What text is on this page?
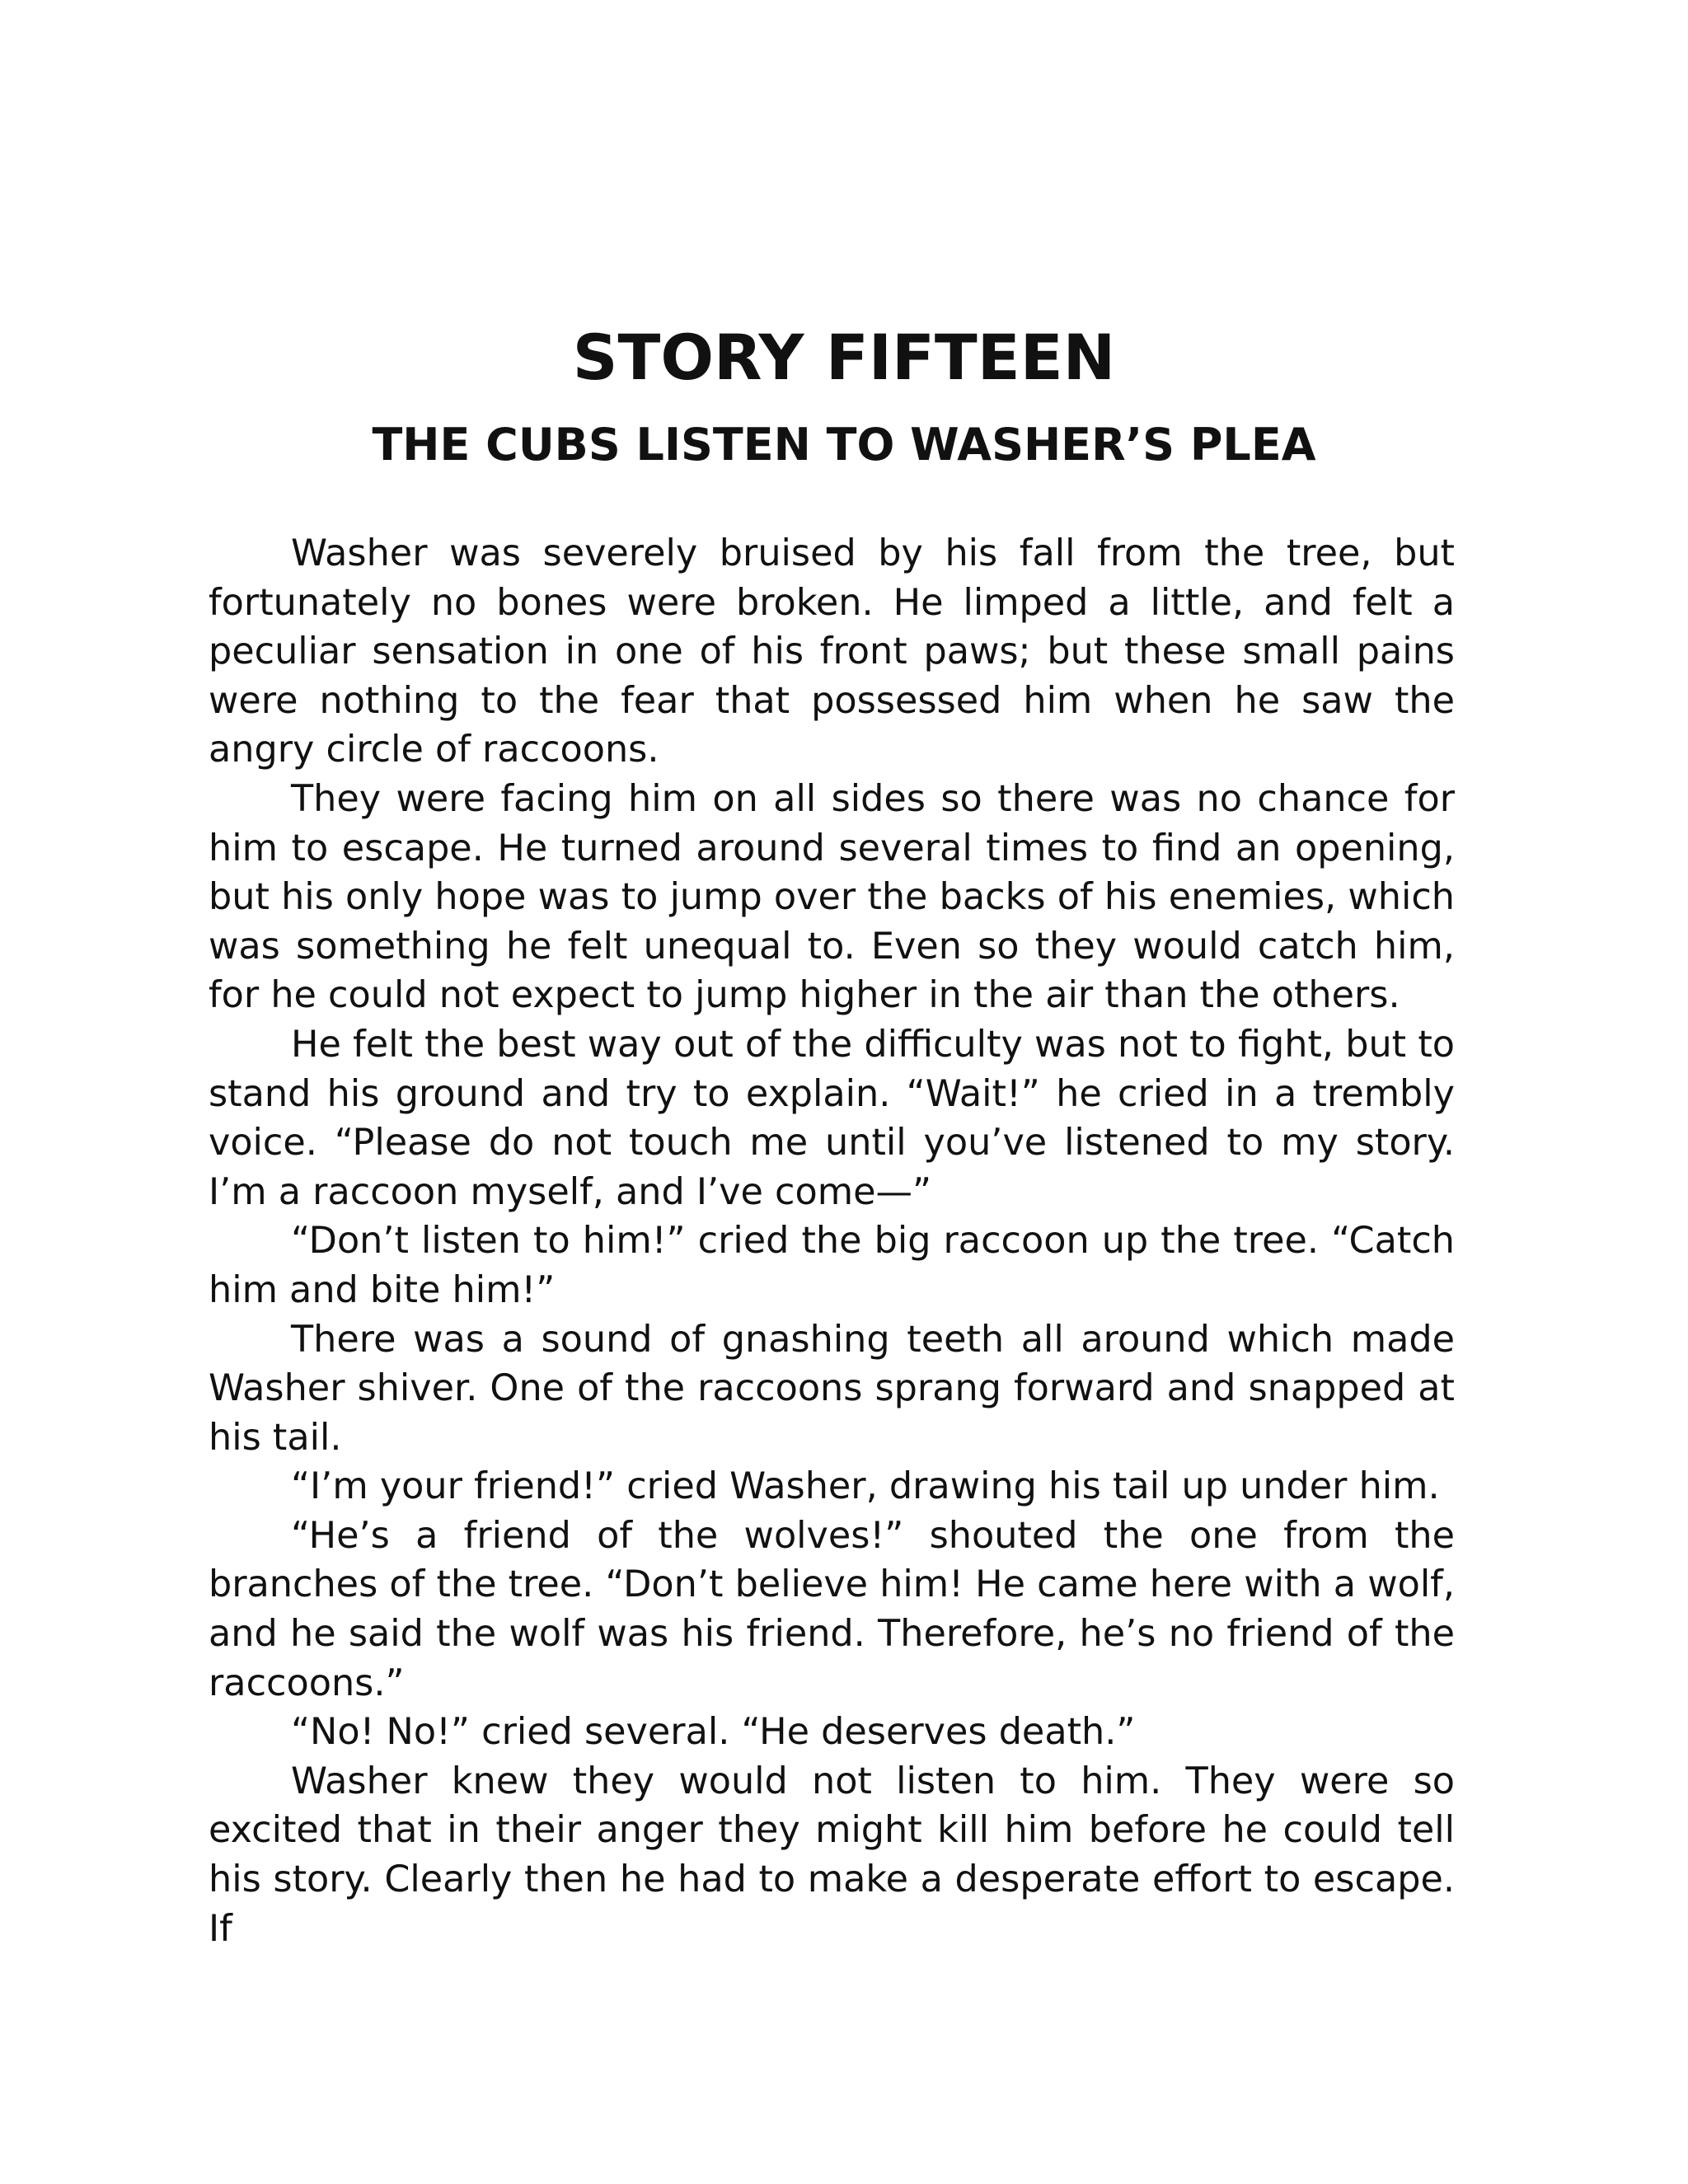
STORY FIFTEEN
THE CUBS LISTEN TO WASHER’S PLEA

Washer was severely bruised by his fall from the tree, but fortunately no bones were broken. He limped a little, and felt a peculiar sensation in one of his front paws; but these small pains were nothing to the fear that possessed him when he saw the angry circle of raccoons.

They were facing him on all sides so there was no chance for him to escape. He turned around several times to find an opening, but his only hope was to jump over the backs of his enemies, which was something he felt unequal to. Even so they would catch him, for he could not expect to jump higher in the air than the others.

He felt the best way out of the difficulty was not to fight, but to stand his ground and try to explain. “Wait!” he cried in a trembly voice. “Please do not touch me until you’ve listened to my story. I’m a raccoon myself, and I’ve come—”

“Don’t listen to him!” cried the big raccoon up the tree. “Catch him and bite him!”

There was a sound of gnashing teeth all around which made Washer shiver. One of the raccoons sprang forward and snapped at his tail.

“I’m your friend!” cried Washer, drawing his tail up under him.

“He’s a friend of the wolves!” shouted the one from the branches of the tree. “Don’t believe him! He came here with a wolf, and he said the wolf was his friend. Therefore, he’s no friend of the raccoons.”

“No! No!” cried several. “He deserves death.”

Washer knew they would not listen to him. They were so excited that in their anger they might kill him before he could tell his story. Clearly then he had to make a desperate effort to escape. If
